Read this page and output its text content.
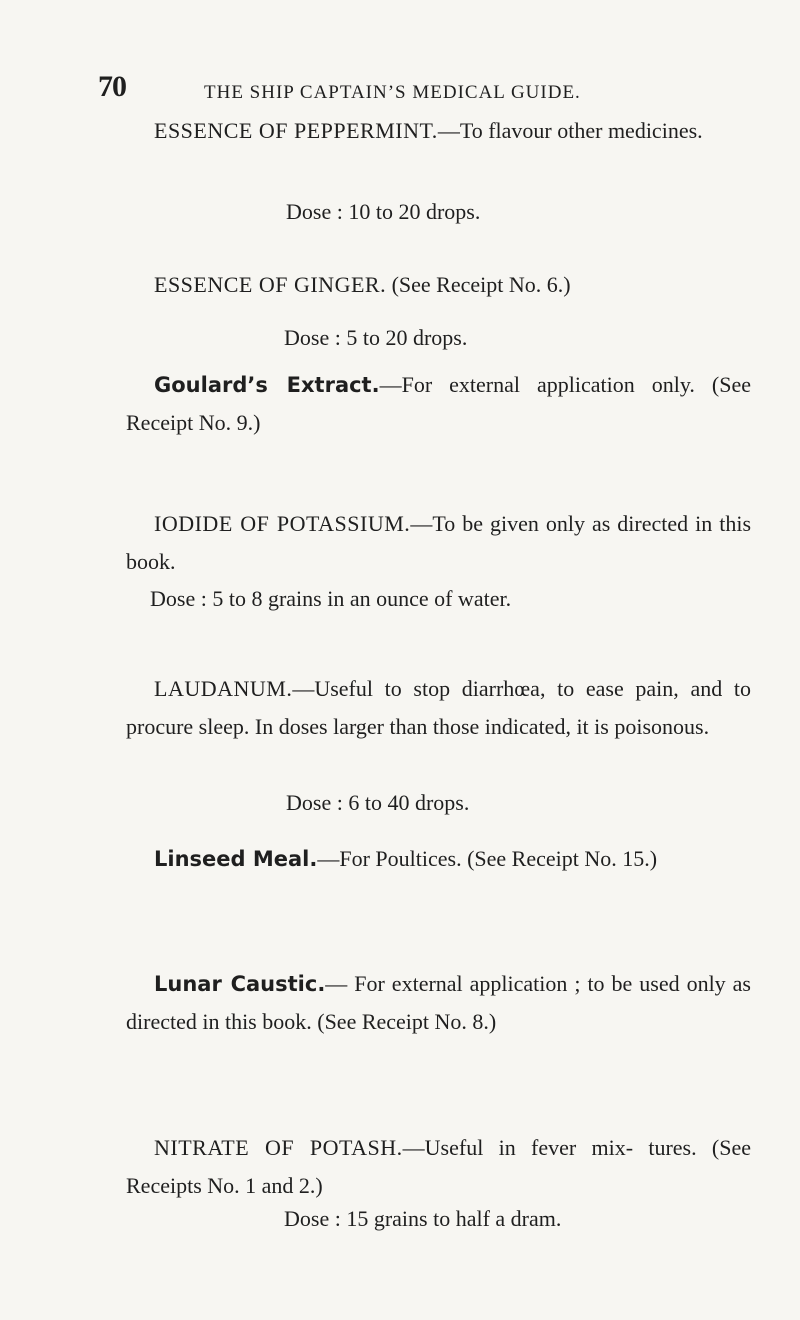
70	THE SHIP CAPTAIN’S MEDICAL GUIDE.
ESSENCE OF PEPPERMINT.—To flavour other medicines.
Dose : 10 to 20 drops.
ESSENCE OF GINGER. (See Receipt No. 6.)
Dose : 5 to 20 drops.
Goulard’s Extract.—For external application only. (See Receipt No. 9.)
IODIDE OF POTASSIUM.—To be given only as directed in this book.
Dose : 5 to 8 grains in an ounce of water.
LAUDANUM.—Useful to stop diarrhœa, to ease pain, and to procure sleep. In doses larger than those indicated, it is poisonous.
Dose : 6 to 40 drops.
Linseed Meal.—For Poultices. (See Receipt No. 15.)
Lunar Caustic.— For external application ; to be used only as directed in this book. (See Receipt No. 8.)
NITRATE OF POTASH.—Useful in fever mix- tures. (See Receipts No. 1 and 2.)
Dose : 15 grains to half a dram.
